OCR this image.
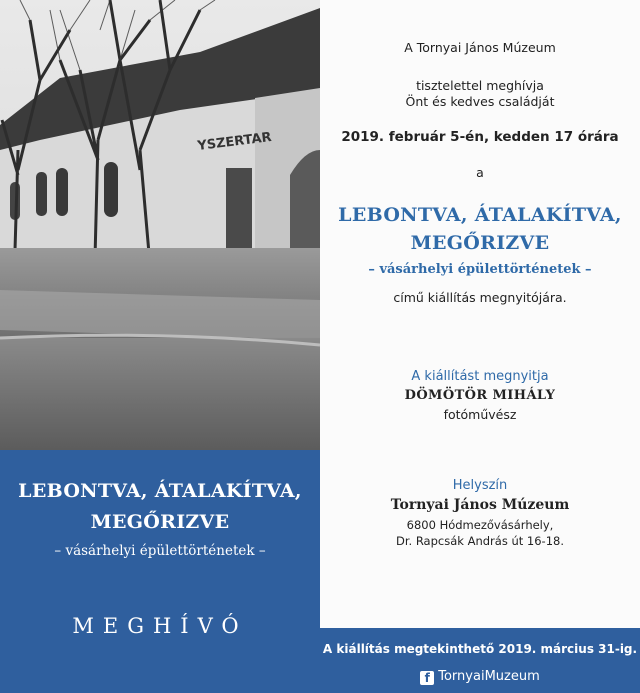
YSZERTAR
LEBONTVA, ÁTALAKÍTVA,
MEGŐRIZVE
– vásárhelyi épülettörténetek –
MEGHÍVÓ
A Tornyai János Múzeum
tisztelettel meghívja
Önt és kedves családját
2019. február 5-én, kedden 17 órára
a
LEBONTVA, ÁTALAKÍTVA,
MEGŐRIZVE
– vásárhelyi épülettörténetek –
című kiállítás megnyitójára.
A kiállítást megnyitja
DÖMÖTÖR MIHÁLY
fotóművész
Helyszín
Tornyai János Múzeum
6800 Hódmezővásárhely,
Dr. Rapcsák András út 16-18.
A kiállítás megtekinthető 2019. március 31-ig.
f TornyaiMuzeum
